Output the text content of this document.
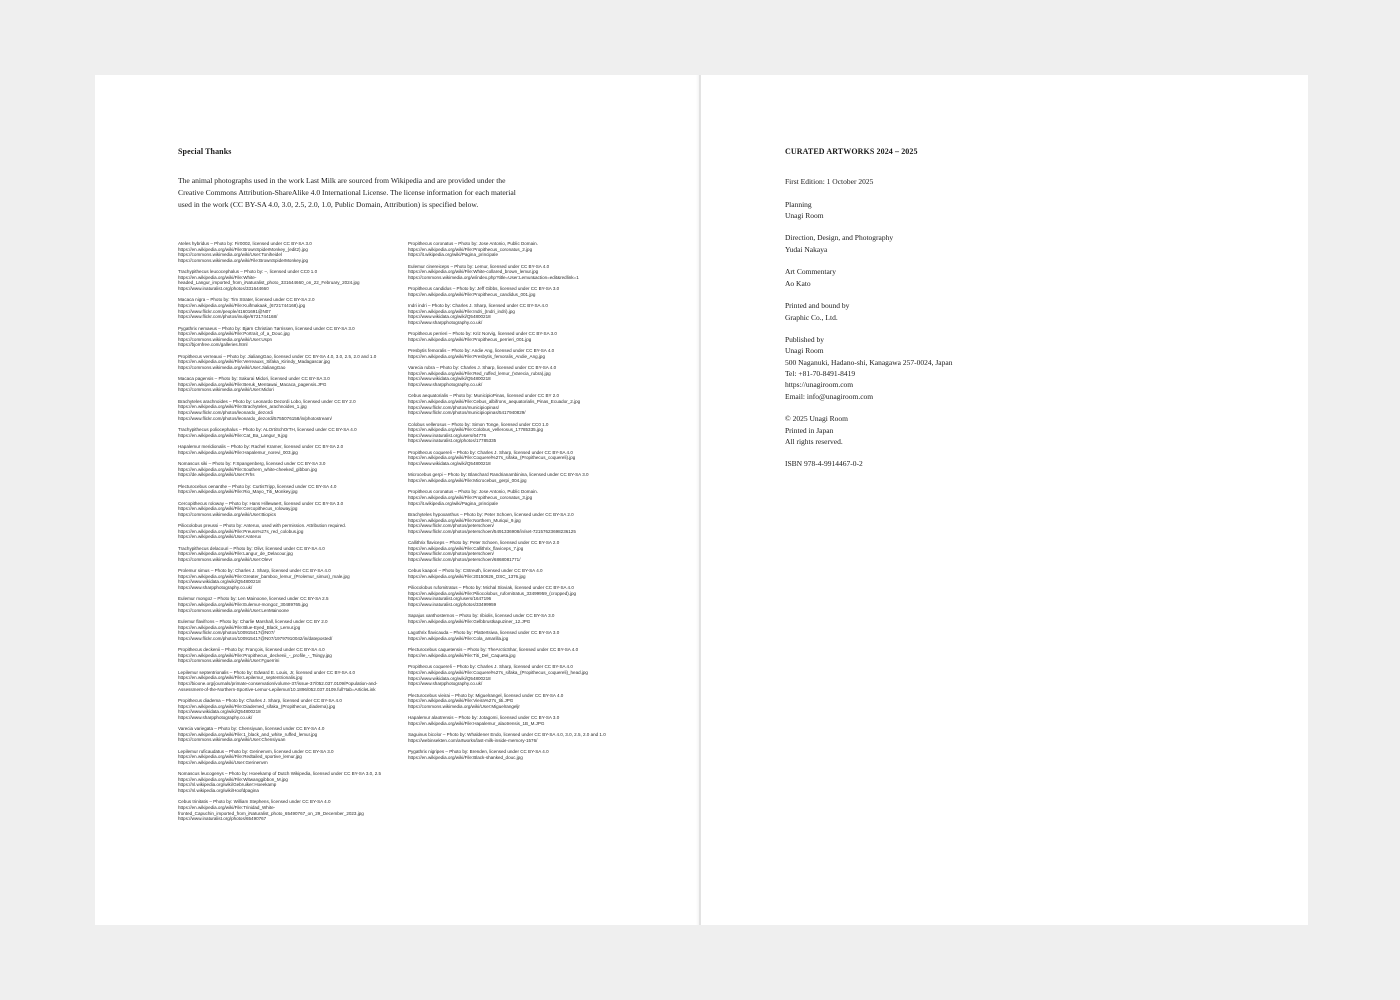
Special Thanks
The animal photographs used in the work Last Milk are sourced from Wikipedia and are provided under the Creative Commons Attribution-ShareAlike 4.0 International License. The license information for each material used in the work (CC BY-SA 4.0, 3.0, 2.5, 2.0, 1.0, Public Domain, Attribution) is specified below.
Ateles hybridus – Photo by: Fir0002, licensed under CC BY-SA 3.0
https://en.wikipedia.org/wiki/File:BrownSpiderMonkey_(edit2).jpg
https://commons.wikimedia.org/wiki/User:Toniheidel
https://commons.wikimedia.org/wiki/File:BrownSpiderMonkey.jpg
Trachypithecus leucocephalus – Photo by: –, licensed under CC0 1.0
https://en.wikipedia.org/wiki/File:White-headed_Langur_imported_from_iNaturalist_photo_331644660_on_22_February_2024.jpg
https://www.inaturalist.org/photos/331644660
Macaca nigra – Photo by: Tim Strater, licensed under CC BY-SA 2.0
https://en.wikipedia.org/wiki/File:Kuifmakaak_(6721744168).jpg
https://www.flickr.com/people/41601691@N07
https://www.flickr.com/photos/inuitje/6721744168/
Pygathrix nemaeus – Photo by: Bjørn Christian Tørrissen, licensed under CC BY-SA 3.0
https://en.wikipedia.org/wiki/File:Portrait_of_a_Douc.jpg
https://commons.wikimedia.org/wiki/User:Uspn
https://bjornfree.com/galleries.html
Propithecus verreauxi – Photo by: JialiangGao, licensed under CC BY-SA 4.0, 3.0, 2.5, 2.0 and 1.0
https://en.wikipedia.org/wiki/File:Verreauxs_Sifaka_Kirindy_Madagascar.jpg
https://commons.wikimedia.org/wiki/User:JialiangGao
Macaca pagensis – Photo by: Sakurai Midori, licensed under CC BY-SA 3.0
https://en.wikipedia.org/wiki/File:Beruk_Mentawai_Macaca_pagensis.JPG
https://commons.wikimedia.org/wiki/User:Midori
Brachyteles arachnoides – Photo by: Leonardo Dezordi Lobo, licensed under CC BY 2.0
https://en.wikipedia.org/wiki/File:Brachyteles_arachnoides_1.jpg
https://www.flickr.com/photos/leonardo_dezordi
https://www.flickr.com/photos/leonardo_dezordi/5755076158/in/photostream/
Trachypithecus poliocephalus – Photo by: ALOrtiSchOrTH, licensed under CC BY-SA 4.0
https://en.wikipedia.org/wiki/File:Cat_Ba_Langur_9.jpg
Hapalemur meridionalis – Photo by: Rachel Kramer, licensed under CC BY-SA 2.0
https://en.wikipedia.org/wiki/File:Hapalemur_norevi_003.jpg
Nomascus siki – Photo by: F.Spangenberg, licensed under CC BY-SA 3.0
https://en.wikipedia.org/wiki/File:Southern_white-cheeked_gibbon.jpg
https://de.wikipedia.org/wiki/User:Frhs
Plecturocebus oenanthe – Photo by: CurtisTripp, licensed under CC BY-SA 4.0
https://en.wikipedia.org/wiki/File:Rio_Mayo_Titi_Monkey.jpg
Cercopithecus roloway – Photo by: Hans Hillewaert, licensed under CC BY-SA 3.0
https://en.wikipedia.org/wiki/File:Cercopithecus_roloway.jpg
https://commons.wikimedia.org/wiki/User:Biopics
Piliocolobus preussi – Photo by: Anterux, used with permission. Attribution required.
https://en.wikipedia.org/wiki/File:Preuss%27s_red_colobus.jpg
https://en.wikipedia.org/wiki/User:Anterux
Trachypithecus delacouri – Photo by: Olivr, licensed under CC BY-SA 4.0
https://en.wikipedia.org/wiki/File:Langur_de_Delacour.jpg
https://commons.wikimedia.org/wiki/User:Olevr
Prolemur simus – Photo by: Charles J. Sharp, licensed under CC BY-SA 4.0
https://en.wikipedia.org/wiki/File:Greater_bamboo_lemur_(Prolemur_simus)_male.jpg
https://www.wikidata.org/wiki/Q54800218
https://www.sharpphotography.co.uk/
Eulemur mongoz – Photo by: Len Mainoone, licensed under CC BY-SA 2.5
https://en.wikipedia.org/wiki/File:Eulemur-mongoz_30489765.jpg
https://commons.wikimedia.org/wiki/User:LenMainoone
Eulemur flavifrons – Photo by: Charlie Marshall, licensed under CC BY 2.0
https://en.wikipedia.org/wiki/File:Blue-Eyed_Black_Lemur.jpg
https://www.flickr.com/photos/100915417@N07/
https://www.flickr.com/photos/100915417@N07/19797910042/in/dateposted/
Propithecus deckenii – Photo by: François, licensed under CC BY-SA 4.0
https://en.wikipedia.org/wiki/File:Propithecus_deckenii_-_profile_-_Tsingy.jpg
https://commons.wikimedia.org/wiki/User:Fguerrini
Lepilemur septentrionalis – Photo by: Edward E. Louis, Jr, licensed under CC BY-SA 4.0
https://en.wikipedia.org/wiki/File:Lepilemur_septentrionalis.jpg
https://bioone.org/journals/primate-conservation/volume-37/issue-37/052.037.0109/Population-and-Assessment-of-the-Northern-Sportive-Lemur-Lepilemur/10.1896/052.037.0109.full?tab=ArticleLink
Propithecus diadema – Photo by: Charles J. Sharp, licensed under CC BY-SA 4.0
https://en.wikipedia.org/wiki/File:Diademed_sifaka_(Propithecus_diadema).jpg
https://www.wikidata.org/wiki/Q54800218
https://www.sharpphotography.co.uk/
Varecia variegata – Photo by: Chensiyuan, licensed under CC BY-SA 4.0
https://en.wikipedia.org/wiki/File:1_black_and_white_ruffed_lemur.jpg
https://commons.wikimedia.org/wiki/User:Chensiyuan
Lepilemur ruficaudatus – Photo by: Gerinenvm, licensed under CC BY-SA 3.0
https://en.wikipedia.org/wiki/File:Redtailed_sportive_lemur.jpg
https://en.wikipedia.org/wiki/User:Gerinenvm
Nomascus leucogenys – Photo by: Hoeekamp of Dutch Wikipedia, licensed under CC BY-SA 3.0, 2.5
https://en.wikipedia.org/wiki/File:Witwanggibbon_M.jpg
https://nl.wikipedia.org/wiki/Gebruiker:Hoeekamp
https://nl.wikipedia.org/wiki/Hoofdpagina
Cebus trinitatis – Photo by: William Stephens, licensed under CC BY-SA 4.0
https://en.wikipedia.org/wiki/File:Trinidad_White-fronted_Capuchin_imported_from_iNaturalist_photo_65490767_on_29_December_2023.jpg
https://www.inaturalist.org/photos/65490767
Propithecus coronatus – Photo by: Jose Antonio, Public Domain.
https://en.wikipedia.org/wiki/File:Propithecus_coronatus_2.jpg
https://it.wikipedia.org/wiki/Pagina_principale
Eulemur cinereiceps – Photo by: Lemur, licensed under CC BY-SA 4.0
https://en.wikipedia.org/wiki/File:White-collared_brown_lemur.jpg
https://commons.wikimedia.org/w/index.php?title=User:Lemur&action=edit&redlink=1
Propithecus candidus – Photo by: Jeff Gibbs, licensed under CC BY-SA 3.0
https://en.wikipedia.org/wiki/File:Propithecus_candidus_001.jpg
Indri indri – Photo by: Charles J. Sharp, licensed under CC BY-SA 4.0
https://en.wikipedia.org/wiki/File:Indri_(Indri_indri).jpg
https://www.wikidata.org/wiki/Q54800218
https://www.sharpphotography.co.uk/
Propithecus perrieri – Photo by: Kriz Norvig, licensed under CC BY-SA 3.0
https://en.wikipedia.org/wiki/File:Propithecus_perrieri_001.jpg
Presbytis femoralis – Photo by: Andie Ang, licensed under CC BY-SA 4.0
https://en.wikipedia.org/wiki/File:Presbytis_femoralis_Andie_Ang.jpg
Varecia rubra – Photo by: Charles J. Sharp, licensed under CC BY-SA 4.0
https://en.wikipedia.org/wiki/File:Red_ruffed_lemur_(Varecia_rubra).jpg
https://www.wikidata.org/wiki/Q54800218
https://www.sharpphotography.co.uk/
Cebus aequatorialis – Photo by: MunicipioPinas, licensed under CC BY 2.0
https://en.wikipedia.org/wiki/File:Cebus_albifrons_aequatorialis_Pinas_Ecuador_2.jpg
https://www.flickr.com/photos/municipiopinas/
https://www.flickr.com/photos/municipiopinas/5417940829/
Colobus vellerosus – Photo by: Simon Tonge, licensed under CC0 1.0
https://en.wikipedia.org/wiki/File:Colobus_vellerosus_17785335.jpg
https://www.inaturalist.org/users/64776
https://www.inaturalist.org/photos/17785335
Propithecus coquereli – Photo by: Charles J. Sharp, licensed under CC BY-SA 4.0
https://en.wikipedia.org/wiki/File:Coquerel%27s_sifaka_(Propithecus_coquereli).jpg
https://www.wikidata.org/wiki/Q54800218
Microcebus gerpi – Photo by: Blanchard Randrianambinina, licensed under CC BY-SA 3.0
https://en.wikipedia.org/wiki/File:Microcebus_gerpi_004.jpg
Propithecus coronatus – Photo by: Jose Antonio, Public Domain.
https://en.wikipedia.org/wiki/File:Propithecus_coronatus_3.jpg
https://it.wikipedia.org/wiki/Pagina_principale
Brachyteles hypoxanthus – Photo by: Peter Schoen, licensed under CC BY-SA 2.0
https://en.wikipedia.org/wiki/File:Northern_Muriqui_9.jpg
https://www.flickr.com/photos/peterschoen/
https://www.flickr.com/photos/peterschoen/5491336908/in/set-72157623698236125
Callithrix flaviceps – Photo by: Peter Schoen, licensed under CC BY-SA 2.0
https://en.wikipedia.org/wiki/File:Callithrix_flaviceps_7.jpg
https://www.flickr.com/photos/peterschoen/
https://www.flickr.com/photos/peterschoen/6868081771/
Cebus kaapori – Photo by: CStreuth, licensed under CC BY-SA 4.0
https://en.wikipedia.org/wiki/File:20150626_DSC_1376.jpg
Piliocolobus rufomitratus – Photo by: Michal Sloviak, licensed under CC BY-SA 4.0
https://en.wikipedia.org/wiki/File:Piliocolobus_rufomitratus_33499959_(cropped).jpg
https://www.inaturalist.org/users/1647196
https://www.inaturalist.org/photos/33499959
Sapajus xanthosternos – Photo by: ribiolis, licensed under CC BY-SA 3.0
https://en.wikipedia.org/wiki/File:Gelbbrustkapuziner_12.JPG
Lagothrix flavicauda – Photo by: Plattertsiwa, licensed under CC BY-SA 3.0
https://en.wikipedia.org/wiki/File:Cola_amarilla.jpg
Plecturocebus caquetensis – Photo by: TheArcticShar, licensed under CC BY-SA 4.0
https://en.wikipedia.org/wiki/File:Titi_Del_Caqueta.jpg
Propithecus coquereli – Photo by: Charles J. Sharp, licensed under CC BY-SA 4.0
https://en.wikipedia.org/wiki/File:Coquerel%27s_sifaka_(Propithecus_coquereli)_head.jpg
https://www.wikidata.org/wiki/Q54800218
https://www.sharpphotography.co.uk/
Plecturocebus vieirai – Photo by: Miguelrangel, licensed under CC BY-SA 4.0
https://en.wikipedia.org/wiki/File:Vieira%27s_titi.JPG
https://commons.wikimedia.org/wiki/User:Miguelrangeljr
Hapalemur alaotrensis – Photo by: Jotagomi, licensed under CC BY-SA 3.0
https://en.wikipedia.org/wiki/File:Hapalemur_alaotrensis_1B_M.JPG
Saguinus bicolor – Photo by: Whaldener Endo, licensed under CC BY-SA 4.0, 3.0, 2.5, 2.0 and 1.0
https://webinsekten.com/artworks/last-milk-inside-memory-1576/
Pygathrix nigripes – Photo by: Brenden, licensed under CC BY-SA 4.0
https://en.wikipedia.org/wiki/File:Black-shanked_douc.jpg
CURATED ARTWORKS 2024 – 2025
First Edition: 1 October 2025
Planning
Unagi Room
Direction, Design, and Photography
Yudai Nakaya
Art Commentary
Ao Kato
Printed and bound by
Graphic Co., Ltd.
Published by
Unagi Room
500 Naganuki, Hadano-shi, Kanagawa 257-0024, Japan
Tel: +81-70-8491-8419
https://unagiroom.com
Email: info@unagiroom.com
© 2025 Unagi Room
Printed in Japan
All rights reserved.
ISBN 978-4-9914467-0-2
